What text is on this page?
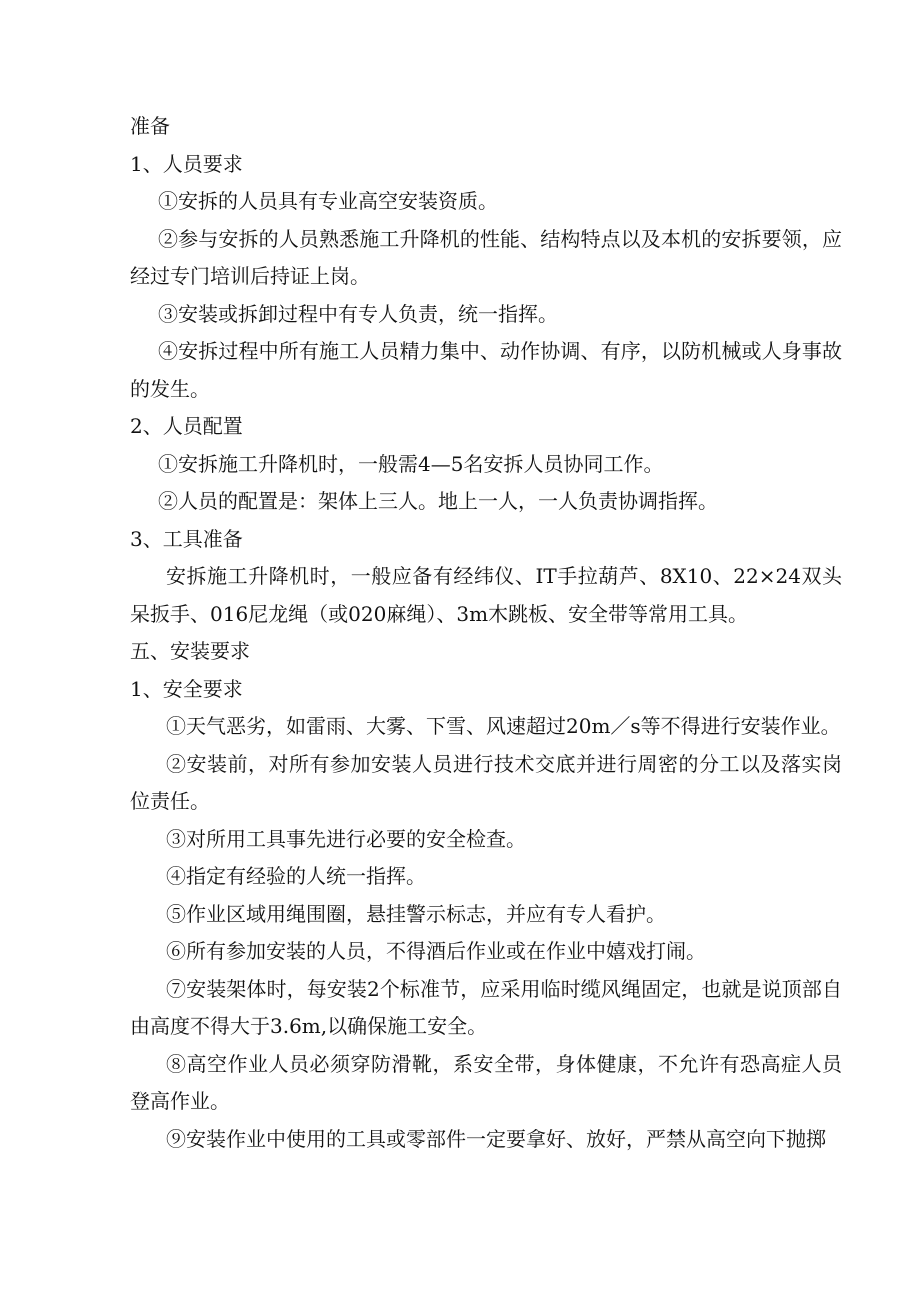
准备

1、人员要求

①安拆的人员具有专业高空安装资质。

②参与安拆的人员熟悉施工升降机的性能、结构特点以及本机的安拆要领，应经过专门培训后持证上岗。

③安装或拆卸过程中有专人负责，统一指挥。

④安拆过程中所有施工人员精力集中、动作协调、有序，以防机械或人身事故的发生。

2、人员配置

①安拆施工升降机时，一般需4—5名安拆人员协同工作。

②人员的配置是：架体上三人。地上一人，一人负责协调指挥。

3、工具准备

安拆施工升降机时，一般应备有经纬仪、IT手拉葫芦、8X10、22×24双头呆扳手、016尼龙绳（或020麻绳）、3m木跳板、安全带等常用工具。

五、安装要求

1、安全要求

①天气恶劣，如雷雨、大雾、下雪、风速超过20m／s等不得进行安装作业。

②安装前，对所有参加安装人员进行技术交底并进行周密的分工以及落实岗位责任。

③对所用工具事先进行必要的安全检查。

④指定有经验的人统一指挥。

⑤作业区域用绳围圈，悬挂警示标志，并应有专人看护。

⑥所有参加安装的人员，不得酒后作业或在作业中嬉戏打闹。

⑦安装架体时，每安装2个标准节，应采用临时缆风绳固定，也就是说顶部自由高度不得大于3.6m,以确保施工安全。

⑧高空作业人员必须穿防滑靴，系安全带，身体健康，不允许有恐高症人员登高作业。

⑨安装作业中使用的工具或零部件一定要拿好、放好，严禁从高空向下抛掷
